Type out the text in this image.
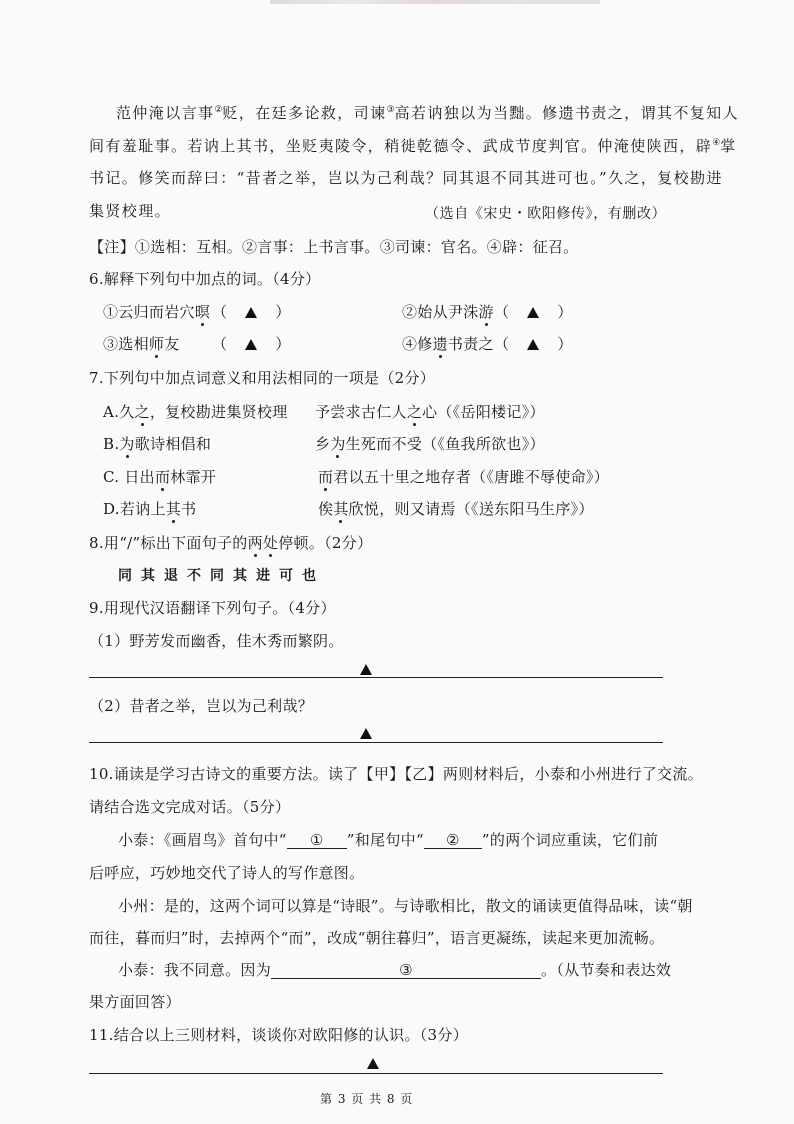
范仲淹以言事②贬，在廷多论救，司谏③高若讷独以为当黜。修遗书责之，谓其不复知人
间有羞耻事。若讷上其书，坐贬夷陵令，稍徙乾德令、武成节度判官。仲淹使陕西，辟④掌
书记。修笑而辞曰：“昔者之举，岂以为己利哉？同其退不同其进可也。”久之，复校勘进
集贤校理。	（选自《宋史・欧阳修传》，有删改）
【注】①选相：互相。②言事：上书言事。③司谏：官名。④辟：征召。
6.解释下列句中加点的词。（4分）
①云归而岩穴暝 （	）	②始从尹洙游 （	）
③选相师友 （	）	④修遗书责之 （	）
7.下列句中加点词意义和用法相同的一项是（2分）
A.久之，复校勘进集贤校理 予尝求古仁人之心（《岳阳楼记》）
B.为歌诗相倡和	乡为生死而不受（《鱼我所欲也》）
C. 日出而林霏开	而君以五十里之地存者（《唐雎不辱使命》）
D.若讷上其书	俟其欣悦，则又请焉（《送东阳马生序》）
8.用“/”标出下面句子的两处停顿。（2分）
同其退不同其进可也
9.用现代汉语翻译下列句子。（4分）
（1）野芳发而幽香，佳木秀而繁阴。
（2）昔者之举，岂以为己利哉？
10.诵读是学习古诗文的重要方法。读了【甲】【乙】两则材料后，小泰和小州进行了交流。
请结合选文完成对话。（5分）
小泰：《画眉鸟》首句中“ ① ”和尾句中“ ② ”的两个词应重读，它们前
后呼应，巧妙地交代了诗人的写作意图。
小州：是的，这两个词可以算是“诗眼”。与诗歌相比，散文的诵读更值得品味，读“朝
而往，暮而归”时，去掉两个“而”，改成“朝往暮归”，语言更凝练，读起来更加流畅。
小泰：我不同意。因为	③	。（从节奏和表达效
果方面回答）
11.结合以上三则材料，谈谈你对欧阳修的认识。（3分）
第 3 页 共 8 页
